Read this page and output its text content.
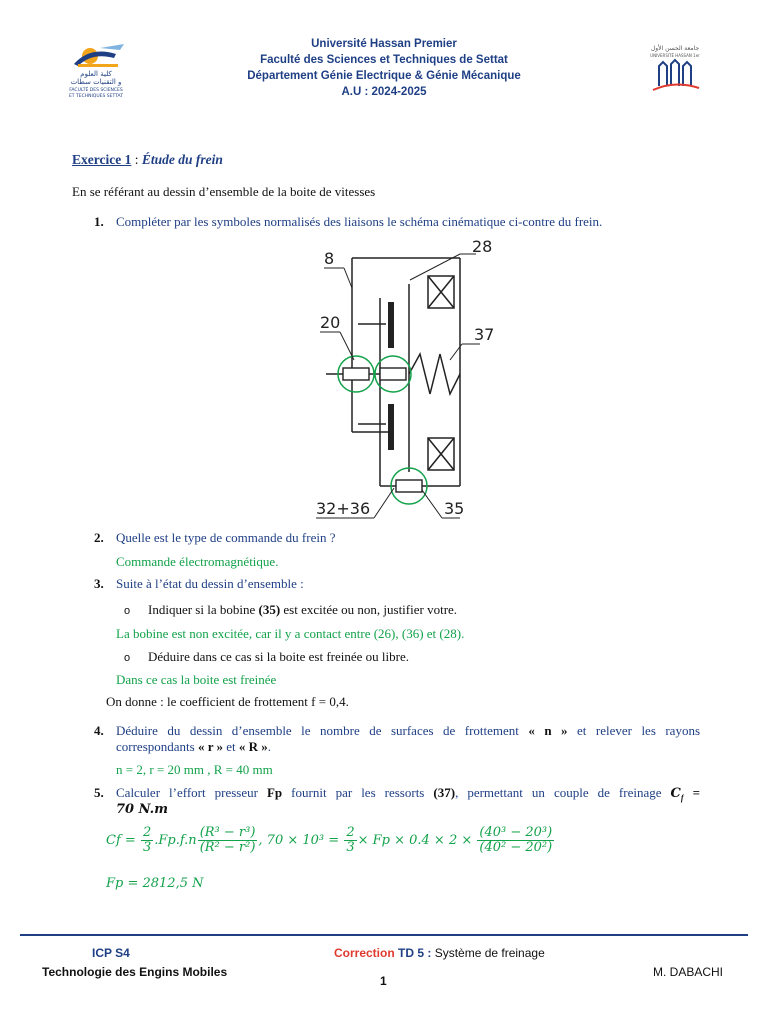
كلية العلوم
و التقنيات سطات
FACULTÉ DES SCIENCES
ET TECHNIQUES SETTAT
جامعة الحسن الأول
UNIVERSITÉ HASSAN 1er
Université Hassan Premier
Faculté des Sciences et Techniques de Settat
Département Génie Electrique & Génie Mécanique
A.U : 2024-2025
Exercice 1 : Étude du frein
En se référant au dessin d’ensemble de la boite de vitesses
1. Compléter par les symboles normalisés des liaisons le schéma cinématique ci-contre du frein.
8
28
20
37
32+36	35
2. Quelle est le type de commande du frein ?
Commande électromagnétique.
3. Suite à l’état du dessin d’ensemble :
o Indiquer si la bobine (35) est excitée ou non, justifier votre.
La bobine est non excitée, car il y a contact entre (26), (36) et (28).
o Déduire dans ce cas si la boite est freinée ou libre.
Dans ce cas la boite est freinée
On donne : le coefficient de frottement f = 0,4.
4. Déduire du dessin d’ensemble le nombre de surfaces de frottement « n » et relever les rayons
correspondants « r » et « R ».
n = 2, r = 20 mm , R = 40 mm
5. Calculer l’effort presseur Fp fournit par les ressorts (37), permettant un couple de freinage $C_f$ =
70 N.m
$Cf = \frac{2}{3} .Fp.f.n \frac{\text{(R³ − r³)}}{\text{(R² − r²)}}$ , $70 \times 10^3 = \frac{2}{3} \times Fp \times 0.4 \times 2 \times \frac{\text{(40³ − 20³)}}{\text{(40² − 20²)}}$
Fp = 2812,5 N
ICP S4
Technologie des Engins Mobiles
Correction TD 5 : Système de freinage
1
M. DABACHI
